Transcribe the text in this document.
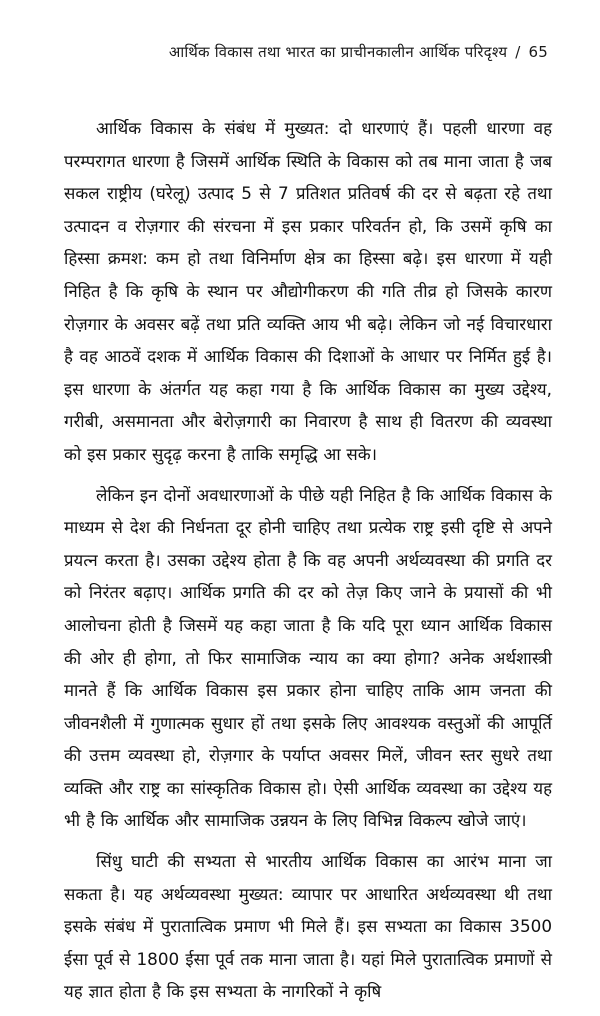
आर्थिक विकास तथा भारत का प्राचीनकालीन आर्थिक परिदृश्य / 65

आर्थिक विकास के संबंध में मुख्यत: दो धारणाएं हैं। पहली धारणा वह परम्परागत धारणा है जिसमें आर्थिक स्थिति के विकास को तब माना जाता है जब सकल राष्ट्रीय (घरेलू) उत्पाद 5 से 7 प्रतिशत प्रतिवर्ष की दर से बढ़ता रहे तथा उत्पादन व रोज़गार की संरचना में इस प्रकार परिवर्तन हो, कि उसमें कृषि का हिस्सा क्रमश: कम हो तथा विनिर्माण क्षेत्र का हिस्सा बढ़े। इस धारणा में यही निहित है कि कृषि के स्थान पर औद्योगीकरण की गति तीव्र हो जिसके कारण रोज़गार के अवसर बढ़ें तथा प्रति व्यक्ति आय भी बढ़े। लेकिन जो नई विचारधारा है वह आठवें दशक में आर्थिक विकास की दिशाओं के आधार पर निर्मित हुई है। इस धारणा के अंतर्गत यह कहा गया है कि आर्थिक विकास का मुख्य उद्देश्य, गरीबी, असमानता और बेरोज़गारी का निवारण है साथ ही वितरण की व्यवस्था को इस प्रकार सुदृढ़ करना है ताकि समृद्धि आ सके।

लेकिन इन दोनों अवधारणाओं के पीछे यही निहित है कि आर्थिक विकास के माध्यम से देश की निर्धनता दूर होनी चाहिए तथा प्रत्येक राष्ट्र इसी दृष्टि से अपने प्रयत्न करता है। उसका उद्देश्य होता है कि वह अपनी अर्थव्यवस्था की प्रगति दर को निरंतर बढ़ाए। आर्थिक प्रगति की दर को तेज़ किए जाने के प्रयासों की भी आलोचना होती है जिसमें यह कहा जाता है कि यदि पूरा ध्यान आर्थिक विकास की ओर ही होगा, तो फिर सामाजिक न्याय का क्या होगा? अनेक अर्थशास्त्री मानते हैं कि आर्थिक विकास इस प्रकार होना चाहिए ताकि आम जनता की जीवनशैली में गुणात्मक सुधार हों तथा इसके लिए आवश्यक वस्तुओं की आपूर्ति की उत्तम व्यवस्था हो, रोज़गार के पर्याप्त अवसर मिलें, जीवन स्तर सुधरे तथा व्यक्ति और राष्ट्र का सांस्कृतिक विकास हो। ऐसी आर्थिक व्यवस्था का उद्देश्य यह भी है कि आर्थिक और सामाजिक उन्नयन के लिए विभिन्न विकल्प खोजे जाएं।

सिंधु घाटी की सभ्यता से भारतीय आर्थिक विकास का आरंभ माना जा सकता है। यह अर्थव्यवस्था मुख्यत: व्यापार पर आधारित अर्थव्यवस्था थी तथा इसके संबंध में पुरातात्विक प्रमाण भी मिले हैं। इस सभ्यता का विकास 3500 ईसा पूर्व से 1800 ईसा पूर्व तक माना जाता है। यहां मिले पुरातात्विक प्रमाणों से यह ज्ञात होता है कि इस सभ्यता के नागरिकों ने कृषि
